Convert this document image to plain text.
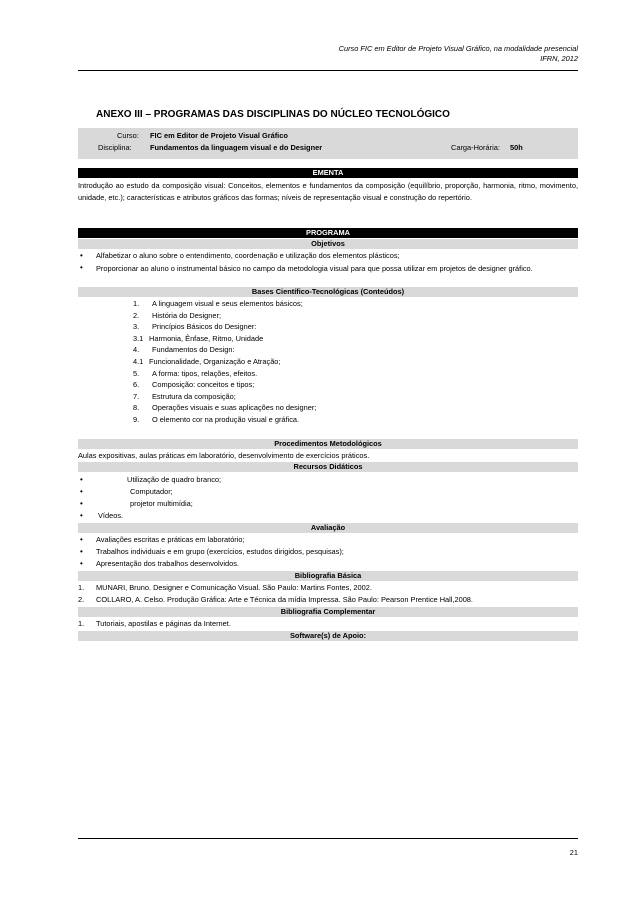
Curso FIC em Editor de Projeto Visual Gráfico, na modalidade presencial
IFRN, 2012
ANEXO III – PROGRAMAS DAS DISCIPLINAS DO NÚCLEO TECNOLÓGICO
Curso: FIC em Editor de Projeto Visual Gráfico
Disciplina: Fundamentos da linguagem visual e do Designer	Carga-Horária: 50h
EMENTA
Introdução ao estudo da composição visual: Conceitos, elementos e fundamentos da composição (equilíbrio, proporção, harmonia, ritmo, movimento, unidade, etc.); características e atributos gráficos das formas; níveis de representação visual e construção do repertório.
PROGRAMA
Objetivos
•	Alfabetizar o aluno sobre o entendimento, coordenação e utilização dos elementos plásticos;
•	Proporcionar ao aluno o instrumental básico no campo da metodologia visual para que possa utilizar em projetos de designer gráfico.
Bases Científico-Tecnológicas (Conteúdos)
1. A linguagem visual e seus elementos básicos;
2. História do Designer;
3. Princípios Básicos do Designer:
3.1 Harmonia, Ênfase, Ritmo, Unidade
4. Fundamentos do Design:
4.1 Funcionalidade, Organização e Atração;
5. A forma: tipos, relações, efeitos.
6. Composição: conceitos e tipos;
7. Estrutura da composição;
8. Operações visuais e suas aplicações no designer;
9. O elemento cor na produção visual e gráfica.
Procedimentos Metodológicos
Aulas expositivas, aulas práticas em laboratório, desenvolvimento de exercícios práticos.
Recursos Didáticos
•	Utilização de quadro branco;
•	Computador;
•	projetor multimídia;
•	Vídeos.
Avaliação
•	Avaliações escritas e práticas em laboratório;
•	Trabalhos individuais e em grupo (exercícios, estudos dirigidos, pesquisas);
•	Apresentação dos trabalhos desenvolvidos.
Bibliografia Básica
1. MUNARI, Bruno. Designer e Comunicação Visual. São Paulo: Martins Fontes, 2002.
2. COLLARO, A. Celso. Produção Gráfica: Arte e Técnica da mídia Impressa. São Paulo: Pearson Prentice Hall,2008.
Bibliografia Complementar
1. Tutoriais, apostilas e páginas da Internet.
Software(s) de Apoio:
21
